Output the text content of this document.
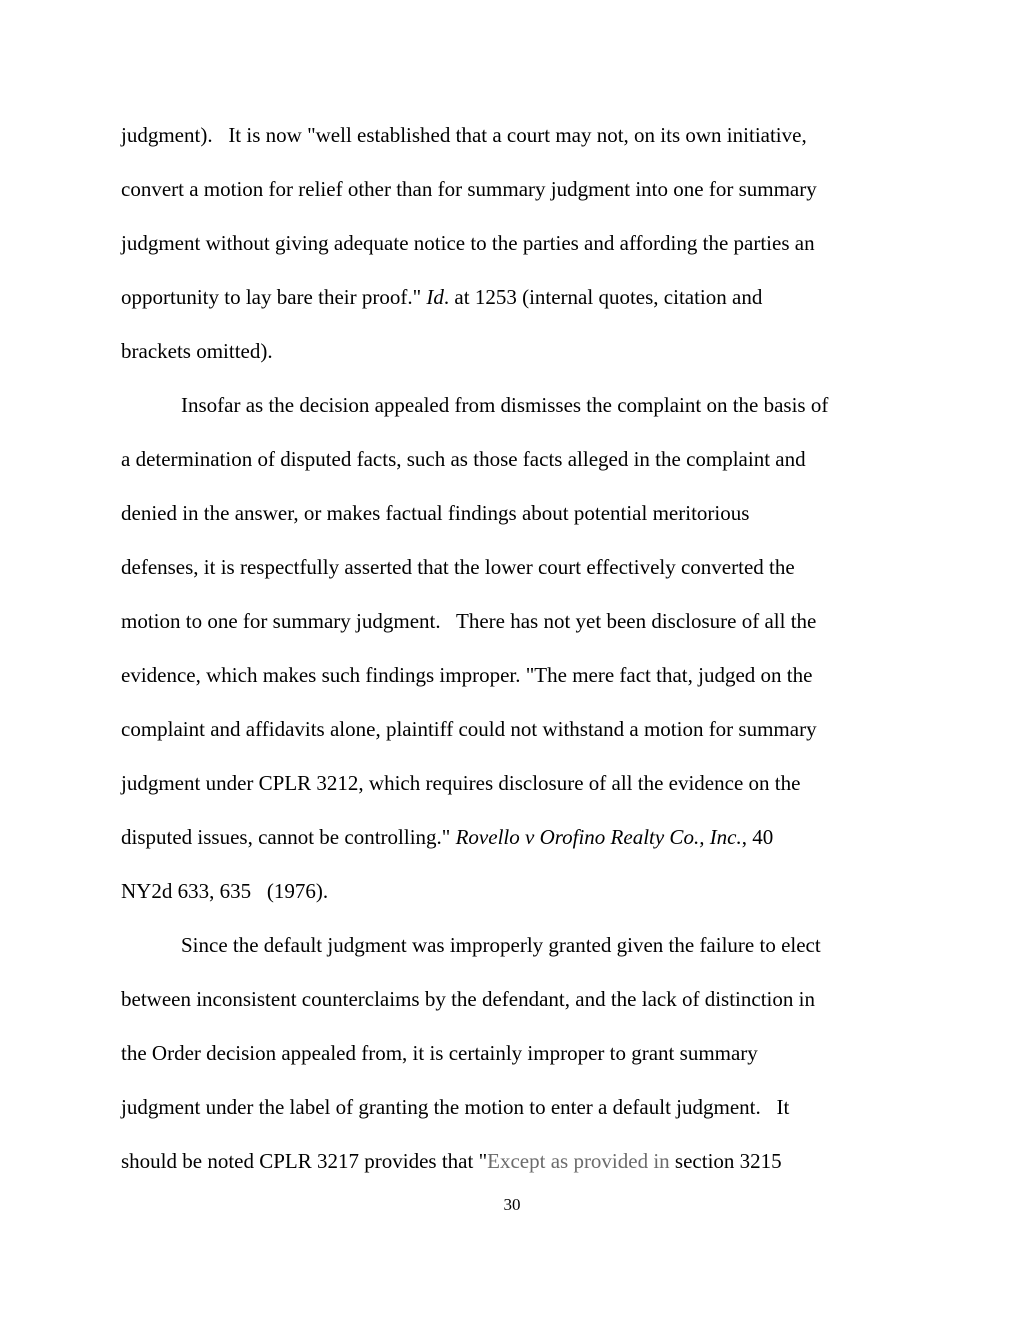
judgment).   It is now "well established that a court may not, on its own initiative,
convert a motion for relief other than for summary judgment into one for summary
judgment without giving adequate notice to the parties and affording the parties an
opportunity to lay bare their proof." Id. at 1253 (internal quotes, citation and
brackets omitted).
Insofar as the decision appealed from dismisses the complaint on the basis of
a determination of disputed facts, such as those facts alleged in the complaint and
denied in the answer, or makes factual findings about potential meritorious
defenses, it is respectfully asserted that the lower court effectively converted the
motion to one for summary judgment.   There has not yet been disclosure of all the
evidence, which makes such findings improper. "The mere fact that, judged on the
complaint and affidavits alone, plaintiff could not withstand a motion for summary
judgment under CPLR 3212, which requires disclosure of all the evidence on the
disputed issues, cannot be controlling." Rovello v Orofino Realty Co., Inc., 40
NY2d 633, 635   (1976).
Since the default judgment was improperly granted given the failure to elect
between inconsistent counterclaims by the defendant, and the lack of distinction in
the Order decision appealed from, it is certainly improper to grant summary
judgment under the label of granting the motion to enter a default judgment.   It
should be noted CPLR 3217 provides that "Except as provided in section 3215
30
